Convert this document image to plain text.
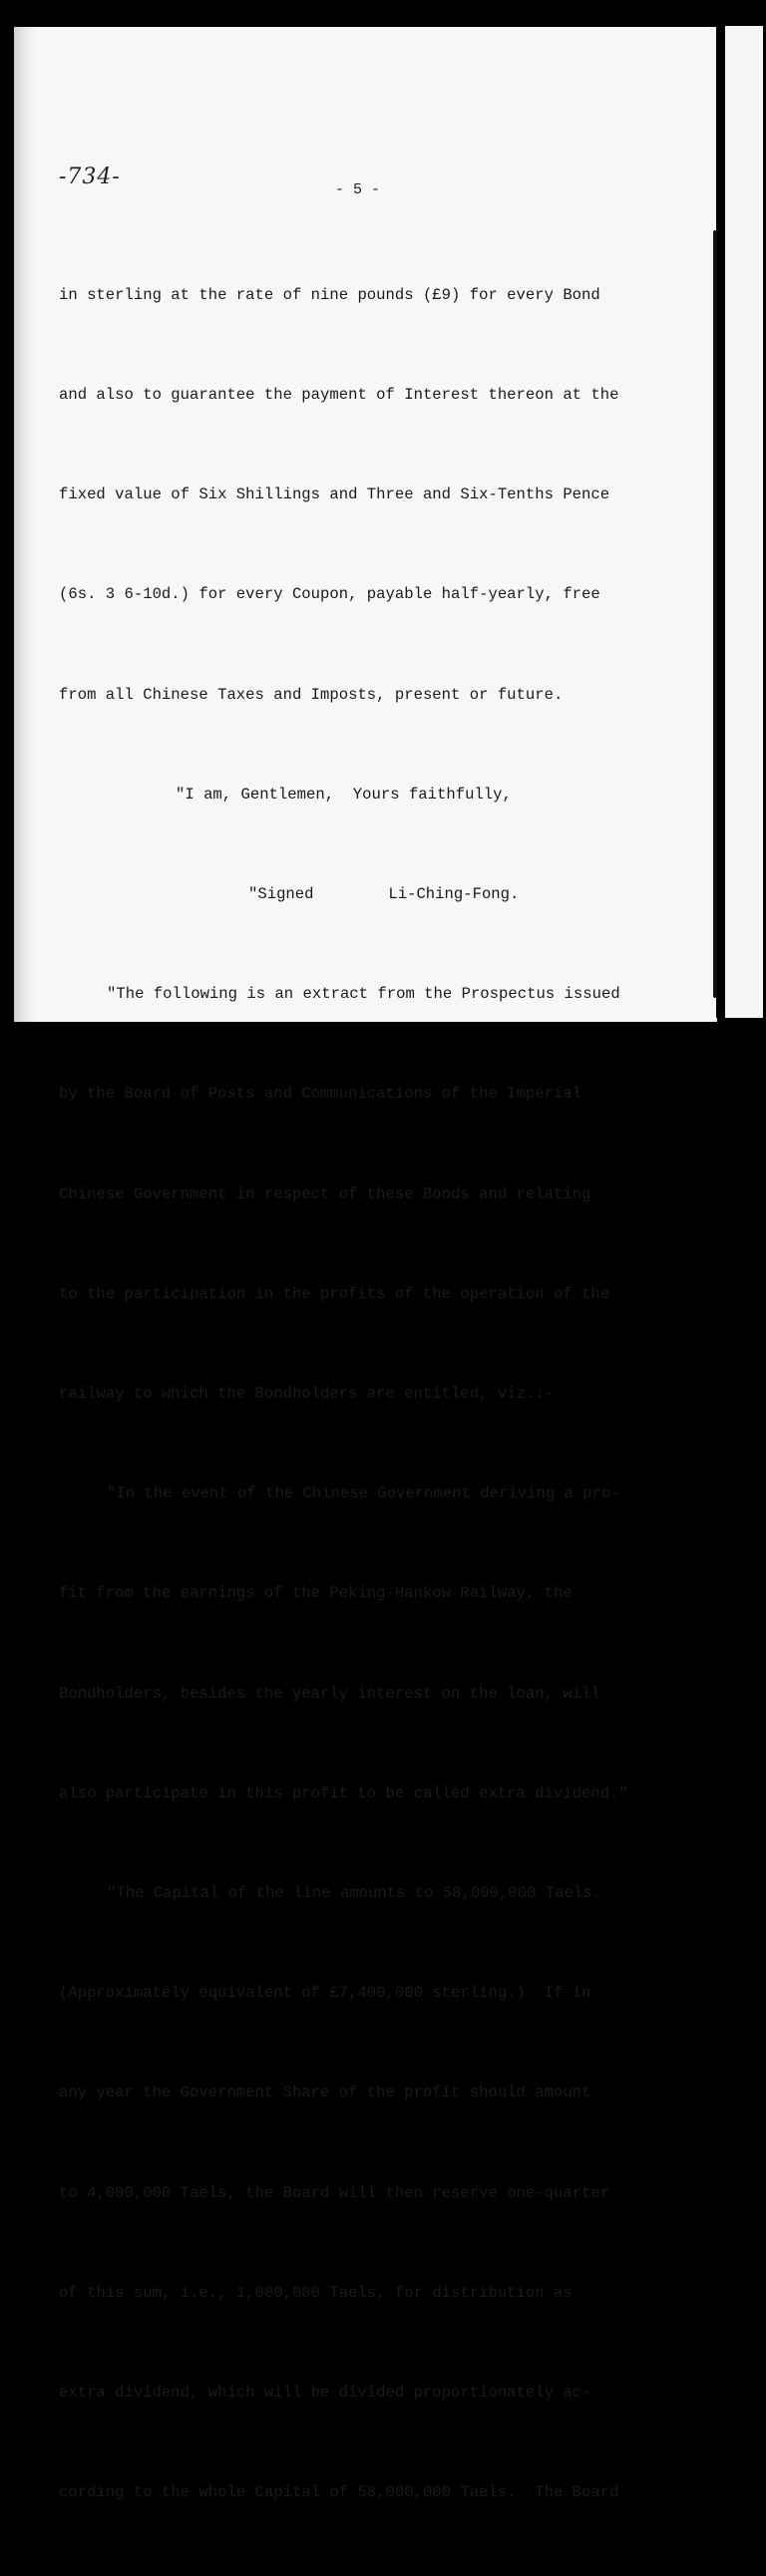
-734-
- 5 -

in sterling at the rate of nine pounds (£9) for every Bond

and also to guarantee the payment of Interest thereon at the

fixed value of Six Shillings and Three and Six-Tenths Pence

(6s. 3 6-10d.) for every Coupon, payable half-yearly, free

from all Chinese Taxes and Imposts, present or future.

"I am, Gentlemen,  Yours faithfully,

"Signed        Li-Ching-Fong.

"The following is an extract from the Prospectus issued

by the Board of Posts and Communications of the Imperial

Chinese Government in respect of these Bonds and relating

to the participation in the profits of the operation of the

railway to which the Bondholders are entitled, viz.:-

"In the event of the Chinese Government deriving a pro-

fit from the earnings of the Peking-Hankow Railway, the

Bondholders, besides the yearly interest on the loan, will

also participate in this profit to be called extra dividend."

"The Capital of the line amounts to 58,000,000 Taels.

(Approximately equivalent of £7,400,000 sterling.)  If in

any year the Government Share of the profit should amount

to 4,000,000 Taels, the Board will then reserve one-quarter

of this sum, i.e., 1,000,000 Taels, for distribution as

extra dividend, which will be divided proportionately ac-

cording to the whole Capital of 58,000,000 Taels.  The Board
